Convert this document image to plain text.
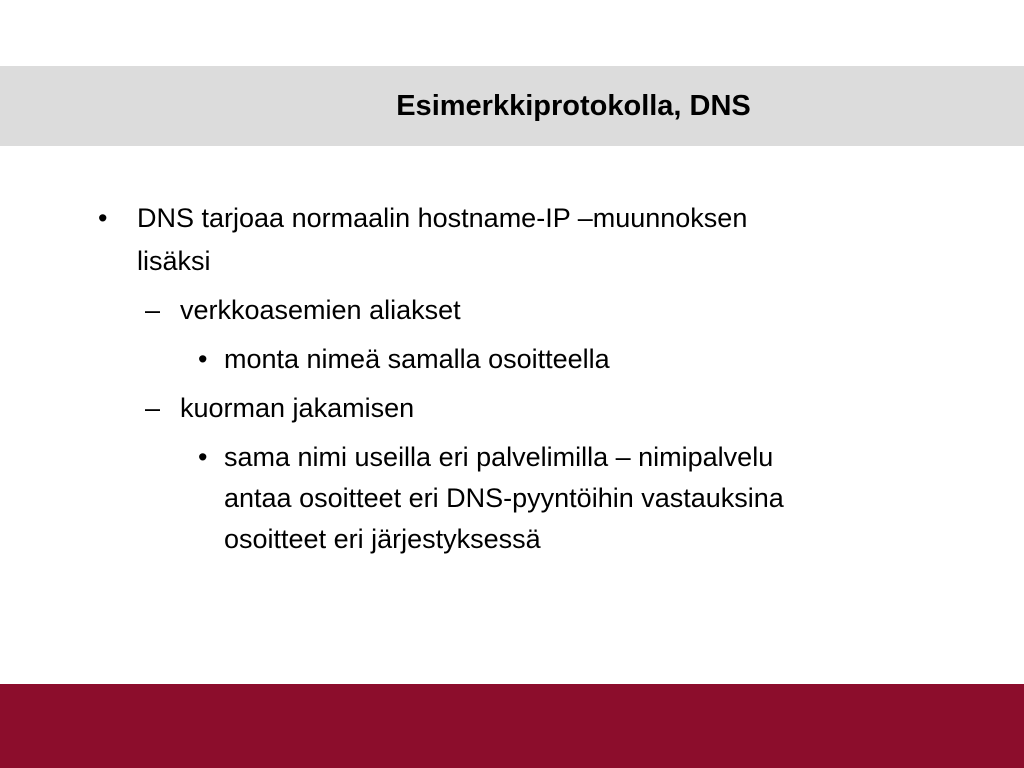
Esimerkkiprotokolla, DNS
• DNS tarjoaa normaalin hostname-IP –muunnoksen

lisäksi

– verkkoasemien aliakset

• monta nimeä samalla osoitteella

– kuorman jakamisen

• sama nimi useilla eri palvelimilla – nimipalvelu

antaa osoitteet eri DNS-pyyntöihin vastauksina

osoitteet eri järjestyksessä
